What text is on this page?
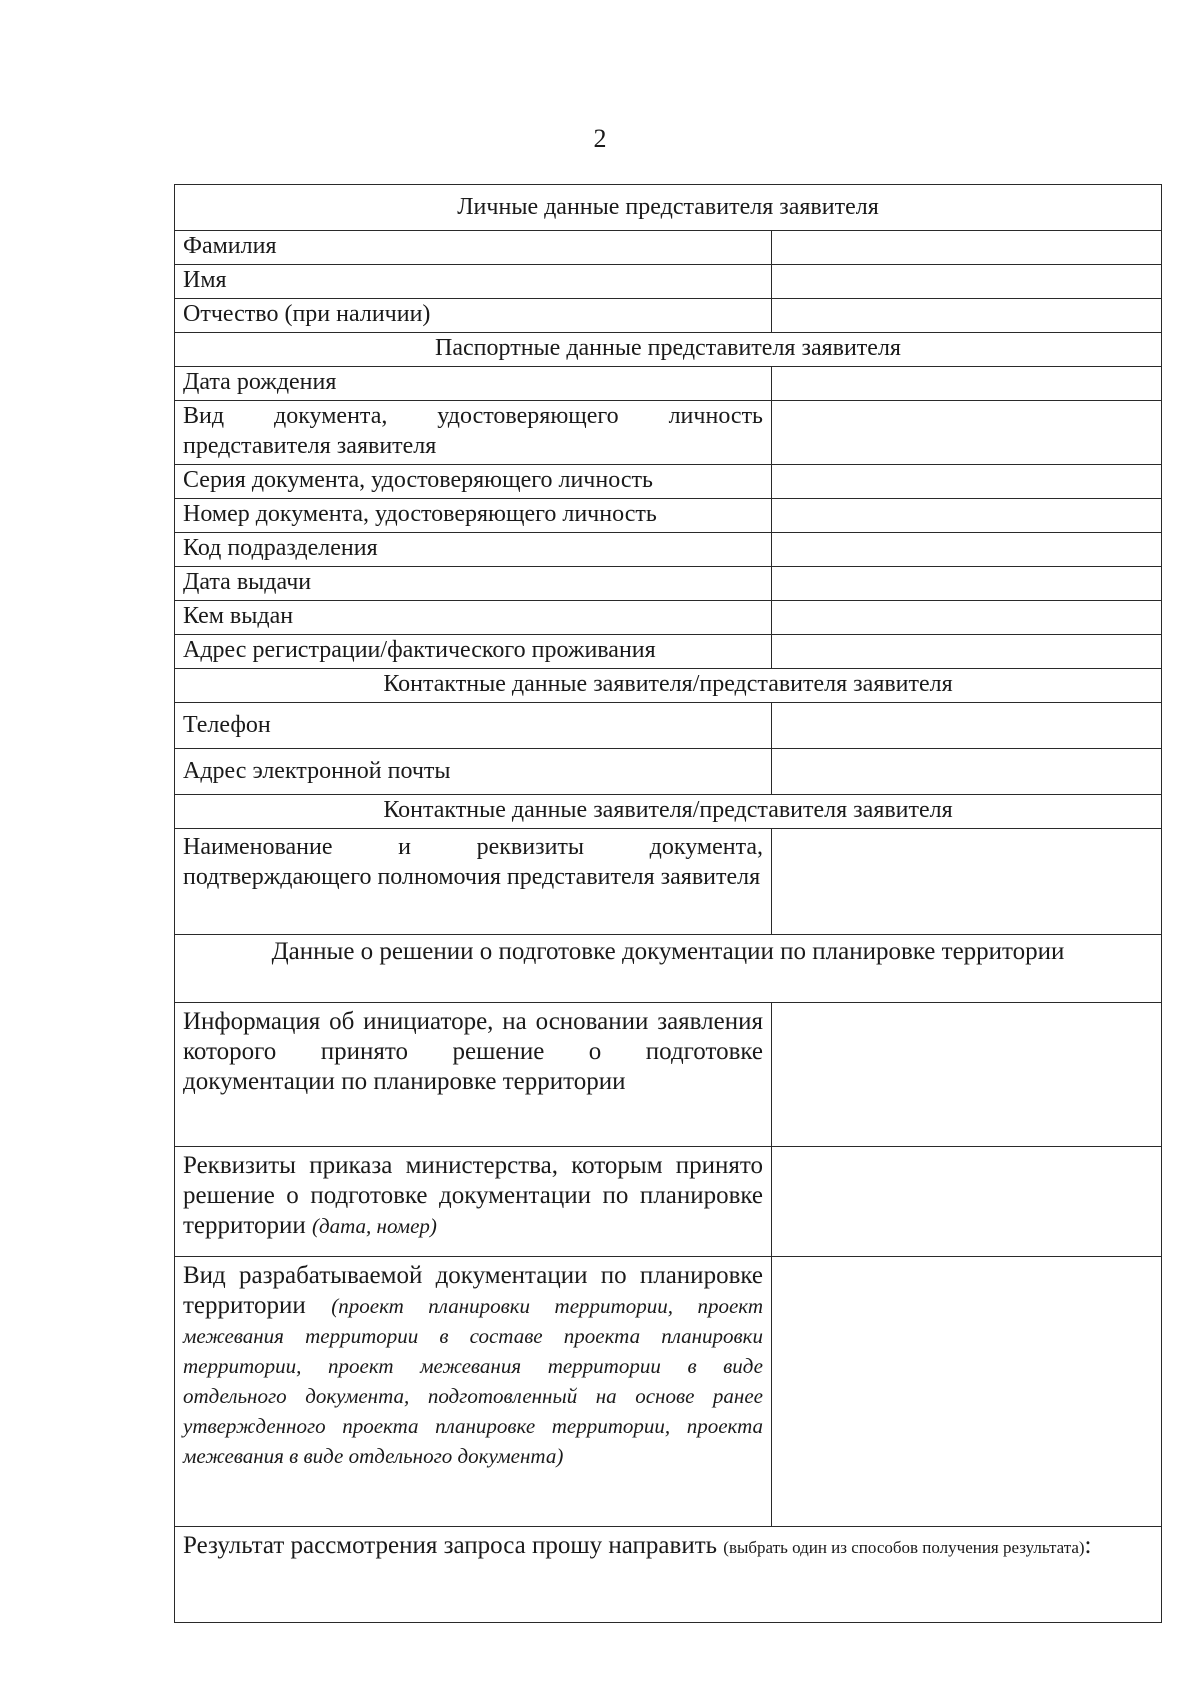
2
Личные данные представителя заявителя	
Фамилия	
Имя	
Отчество (при наличии)	
Паспортные данные представителя заявителя	
Дата рождения	
Вид документа, удостоверяющего личность представителя заявителя	
Серия документа, удостоверяющего личность	
Номер документа, удостоверяющего личность	
Код подразделения	
Дата выдачи	
Кем выдан	
Адрес регистрации/фактического проживания	
Контактные данные заявителя/представителя заявителя	
Телефон	
Адрес электронной почты	
Контактные данные заявителя/представителя заявителя	
Наименование и реквизиты документа, подтверждающего полномочия представителя заявителя	
Данные о решении о подготовке документации по планировке территории	
Информация об инициаторе, на основании заявления которого принято решение о подготовке документации по планировке территории	
Реквизиты приказа министерства, которым принято решение о подготовке документации по планировке территории (дата, номер)	
Вид разрабатываемой документации по планировке территории (проект планировки территории, проект межевания территории в составе проекта планировки территории, проект межевания территории в виде отдельного документа, подготовленный на основе ранее утвержденного проекта планировке территории, проекта межевания в виде отдельного документа)	
Результат рассмотрения запроса прошу направить (выбрать один из способов получения результата):	
